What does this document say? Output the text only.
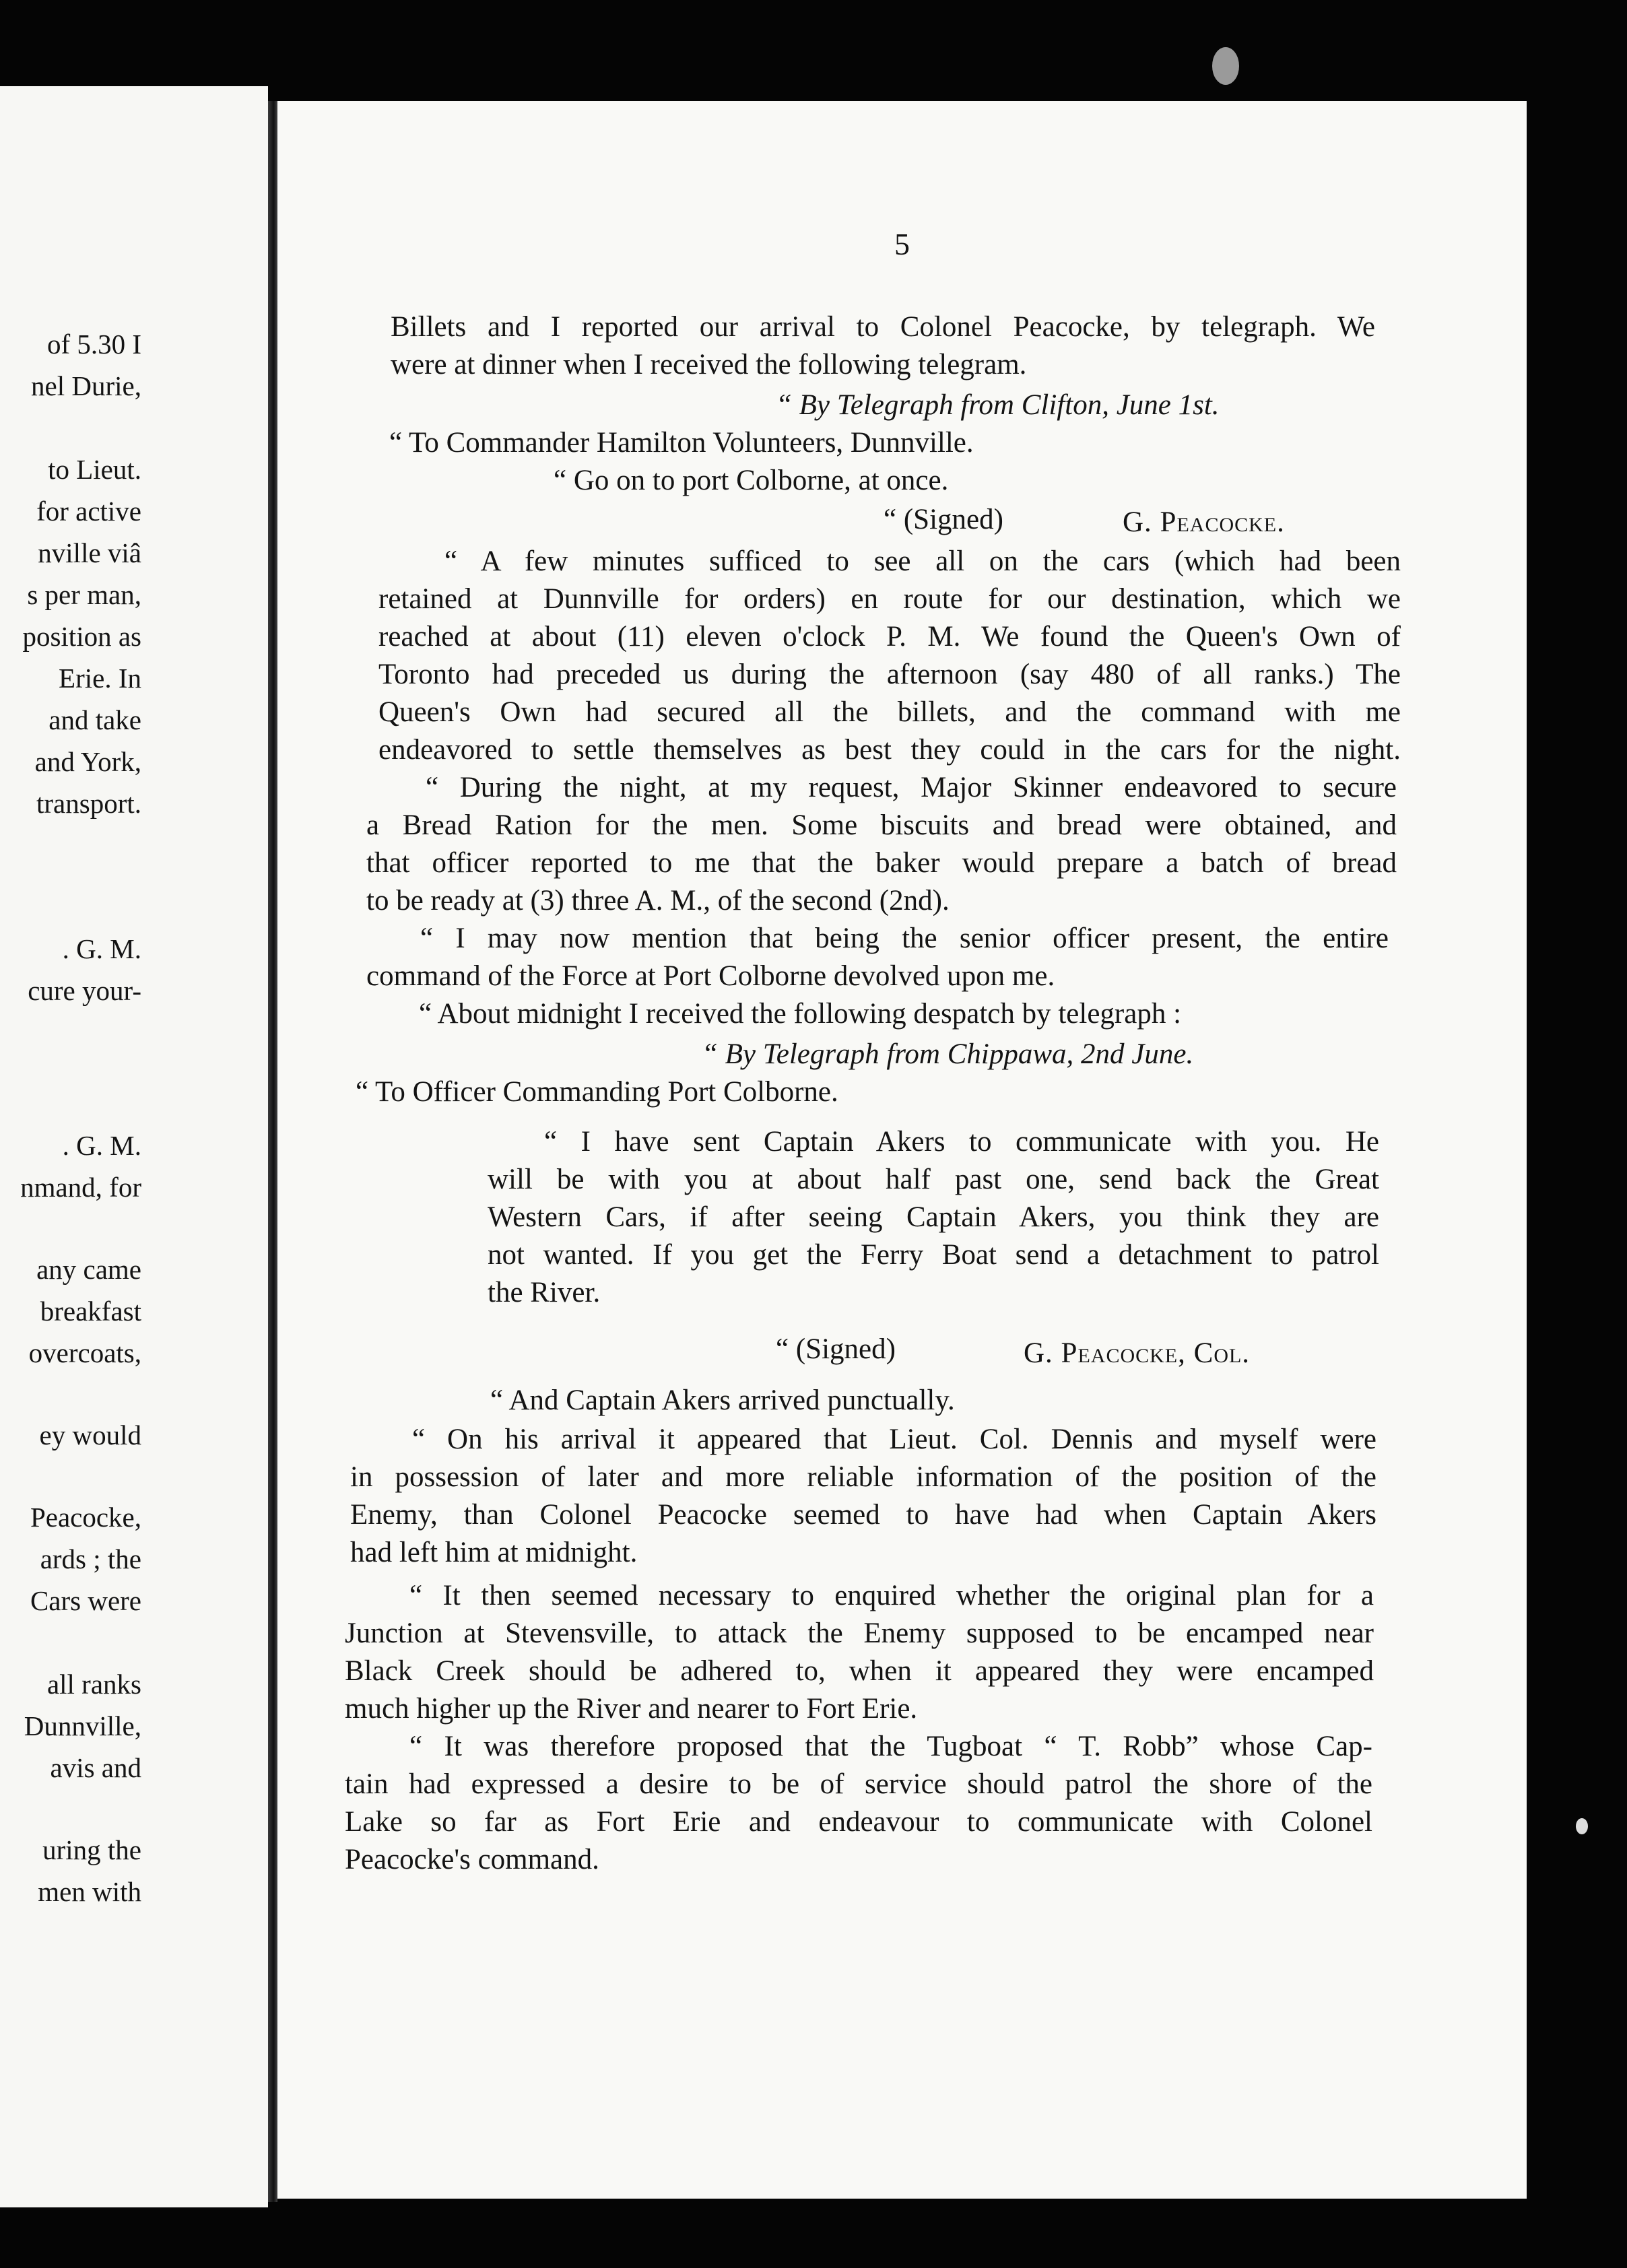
of 5.30 I
nel Durie,
to Lieut.
for active
nville viâ
s per man,
position as
Erie. In
and take
and York,
transport.
. G. M.
cure your-
. G. M.
nmand, for
any came
breakfast
overcoats,
ey would
Peacocke,
ards ; the
Cars were
all ranks
Dunnville,
avis and
uring the
men with
5
Billets and I reported our arrival to Colonel Peacocke, by telegraph. We
were at dinner when I received the following telegram.
“ By Telegraph from Clifton, June 1st.
“ To Commander Hamilton Volunteers, Dunnville.
“ Go on to port Colborne, at once.
“ (Signed)	G. Peacocke.
“ A few minutes sufficed to see all on the cars (which had been
retained at Dunnville for orders) en route for our destination, which we
reached at about (11) eleven o'clock P. M. We found the Queen's Own of
Toronto had preceded us during the afternoon (say 480 of all ranks.) The
Queen's Own had secured all the billets, and the command with me
endeavored to settle themselves as best they could in the cars for the night.
“ During the night, at my request, Major Skinner endeavored to secure
a Bread Ration for the men. Some biscuits and bread were obtained, and
that officer reported to me that the baker would prepare a batch of bread
to be ready at (3) three A. M., of the second (2nd).
“ I may now mention that being the senior officer present, the entire
command of the Force at Port Colborne devolved upon me.
“ About midnight I received the following despatch by telegraph :
“ By Telegraph from Chippawa, 2nd June.
“ To Officer Commanding Port Colborne.
“ I have sent Captain Akers to communicate with you. He
will be with you at about half past one, send back the Great
Western Cars, if after seeing Captain Akers, you think they are
not wanted. If you get the Ferry Boat send a detachment to patrol
the River.
“ (Signed)	G. Peacocke, Col.
“ And Captain Akers arrived punctually.
“ On his arrival it appeared that Lieut. Col. Dennis and myself were
in possession of later and more reliable information of the position of the
Enemy, than Colonel Peacocke seemed to have had when Captain Akers
had left him at midnight.
“ It then seemed necessary to enquired whether the original plan for a
Junction at Stevensville, to attack the Enemy supposed to be encamped near
Black Creek should be adhered to, when it appeared they were encamped
much higher up the River and nearer to Fort Erie.
“ It was therefore proposed that the Tugboat “ T. Robb” whose Cap-
tain had expressed a desire to be of service should patrol the shore of the
Lake so far as Fort Erie and endeavour to communicate with Colonel
Peacocke's command.
